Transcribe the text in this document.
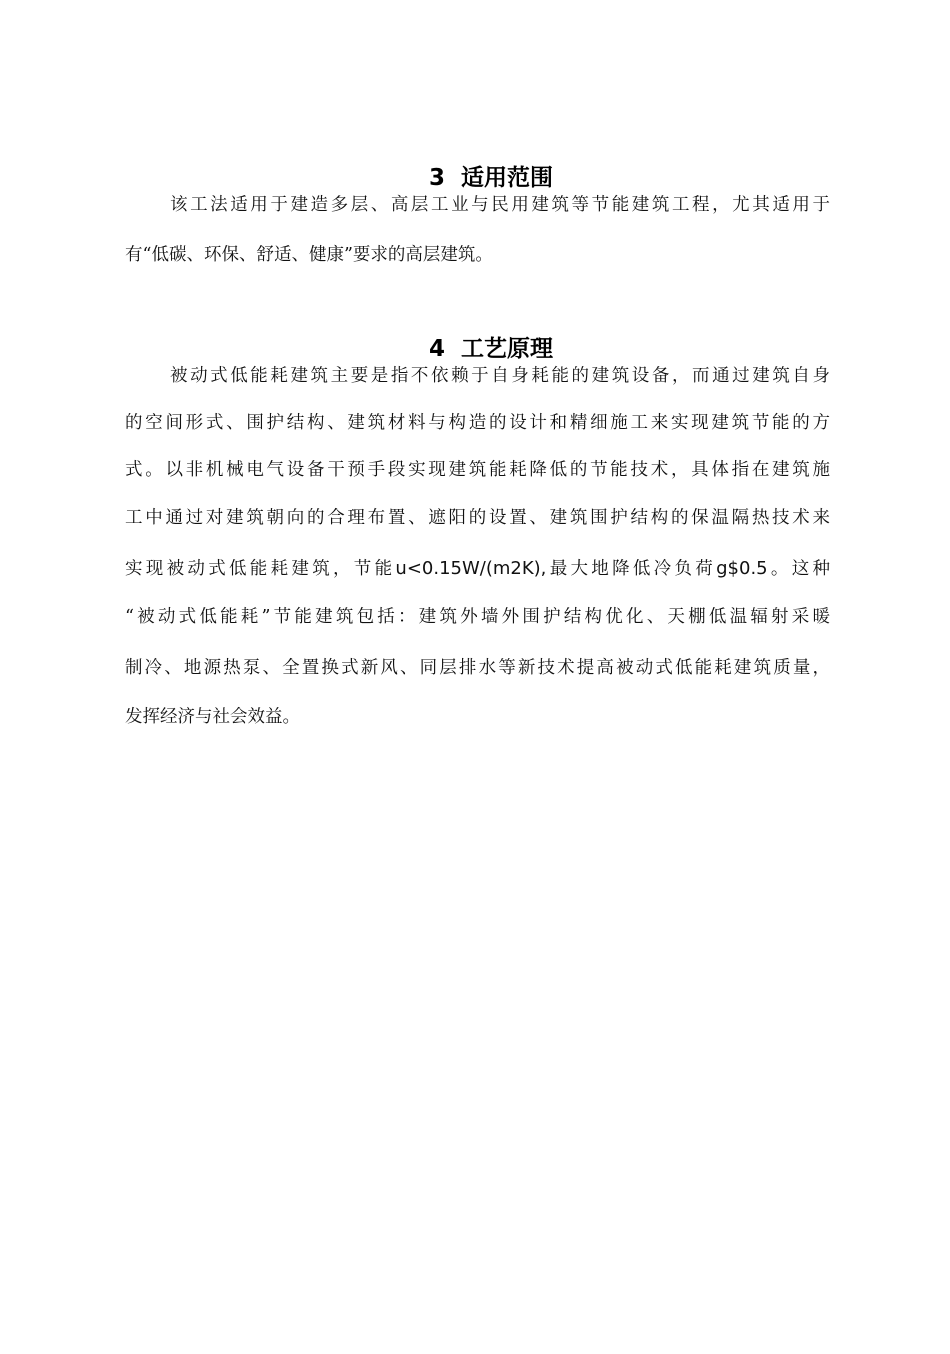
3 适用范围

该工法适用于建造多层、高层工业与民用建筑等节能建筑工程，尤其适用于
有“低碳、环保、舒适、健康”要求的高层建筑。

4 工艺原理

被动式低能耗建筑主要是指不依赖于自身耗能的建筑设备，而通过建筑自身
的空间形式、围护结构、建筑材料与构造的设计和精细施工来实现建筑节能的方
式。以非机械电气设备干预手段实现建筑能耗降低的节能技术，具体指在建筑施
工中通过对建筑朝向的合理布置、遮阳的设置、建筑围护结构的保温隔热技术来
实现被动式低能耗建筑，节能u<0.15W/(m2K),最大地降低冷负荷g$0.5。这种
“被动式低能耗”节能建筑包括：建筑外墙外围护结构优化、天棚低温辐射采暖
制冷、地源热泵、全置换式新风、同层排水等新技术提高被动式低能耗建筑质量，
发挥经济与社会效益。
